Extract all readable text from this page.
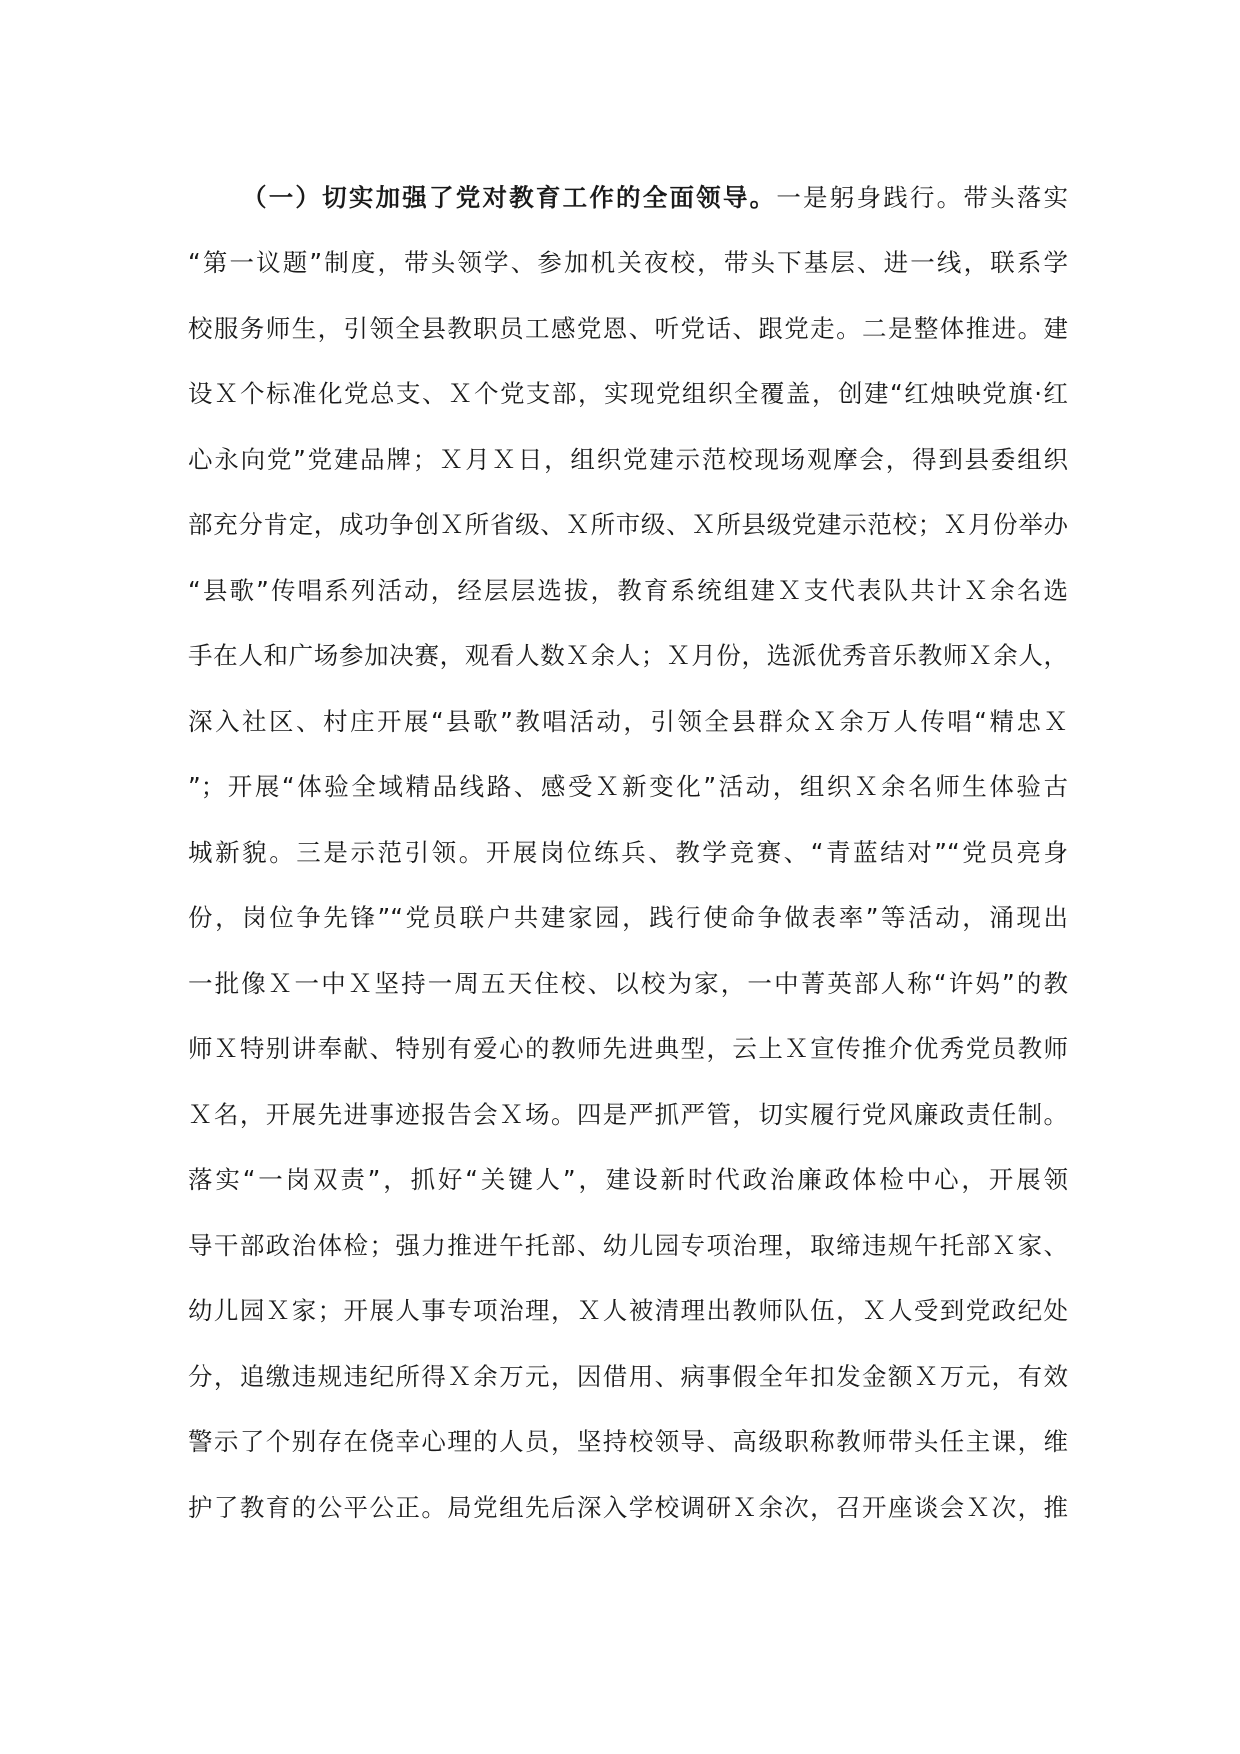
（一）切实加强了党对教育工作的全面领导。一是躬身践行。带头落实
“第一议题”制度，带头领学、参加机关夜校，带头下基层、进一线，联系学
校服务师生，引领全县教职员工感党恩、听党话、跟党走。二是整体推进。建
设Ｘ个标准化党总支、Ｘ个党支部，实现党组织全覆盖，创建“红烛映党旗·红
心永向党”党建品牌；Ｘ月Ｘ日，组织党建示范校现场观摩会，得到县委组织
部充分肯定，成功争创Ｘ所省级、Ｘ所市级、Ｘ所县级党建示范校；Ｘ月份举办
“县歌”传唱系列活动，经层层选拔，教育系统组建Ｘ支代表队共计Ｘ余名选
手在人和广场参加决赛，观看人数Ｘ余人；Ｘ月份，选派优秀音乐教师Ｘ余人，
深入社区、村庄开展“县歌”教唱活动，引领全县群众Ｘ余万人传唱“精忠Ｘ
”；开展“体验全域精品线路、感受Ｘ新变化”活动，组织Ｘ余名师生体验古
城新貌。三是示范引领。开展岗位练兵、教学竞赛、“青蓝结对”“党员亮身
份，岗位争先锋”“党员联户共建家园，践行使命争做表率”等活动，涌现出
一批像Ｘ一中Ｘ坚持一周五天住校、以校为家，一中菁英部人称“许妈”的教
师Ｘ特别讲奉献、特别有爱心的教师先进典型，云上Ｘ宣传推介优秀党员教师
Ｘ名，开展先进事迹报告会Ｘ场。四是严抓严管，切实履行党风廉政责任制。
落实“一岗双责”，抓好“关键人”，建设新时代政治廉政体检中心，开展领
导干部政治体检；强力推进午托部、幼儿园专项治理，取缔违规午托部Ｘ家、
幼儿园Ｘ家；开展人事专项治理，Ｘ人被清理出教师队伍，Ｘ人受到党政纪处
分，追缴违规违纪所得Ｘ余万元，因借用、病事假全年扣发金额Ｘ万元，有效
警示了个别存在侥幸心理的人员，坚持校领导、高级职称教师带头任主课，维
护了教育的公平公正。局党组先后深入学校调研Ｘ余次，召开座谈会Ｘ次，推
